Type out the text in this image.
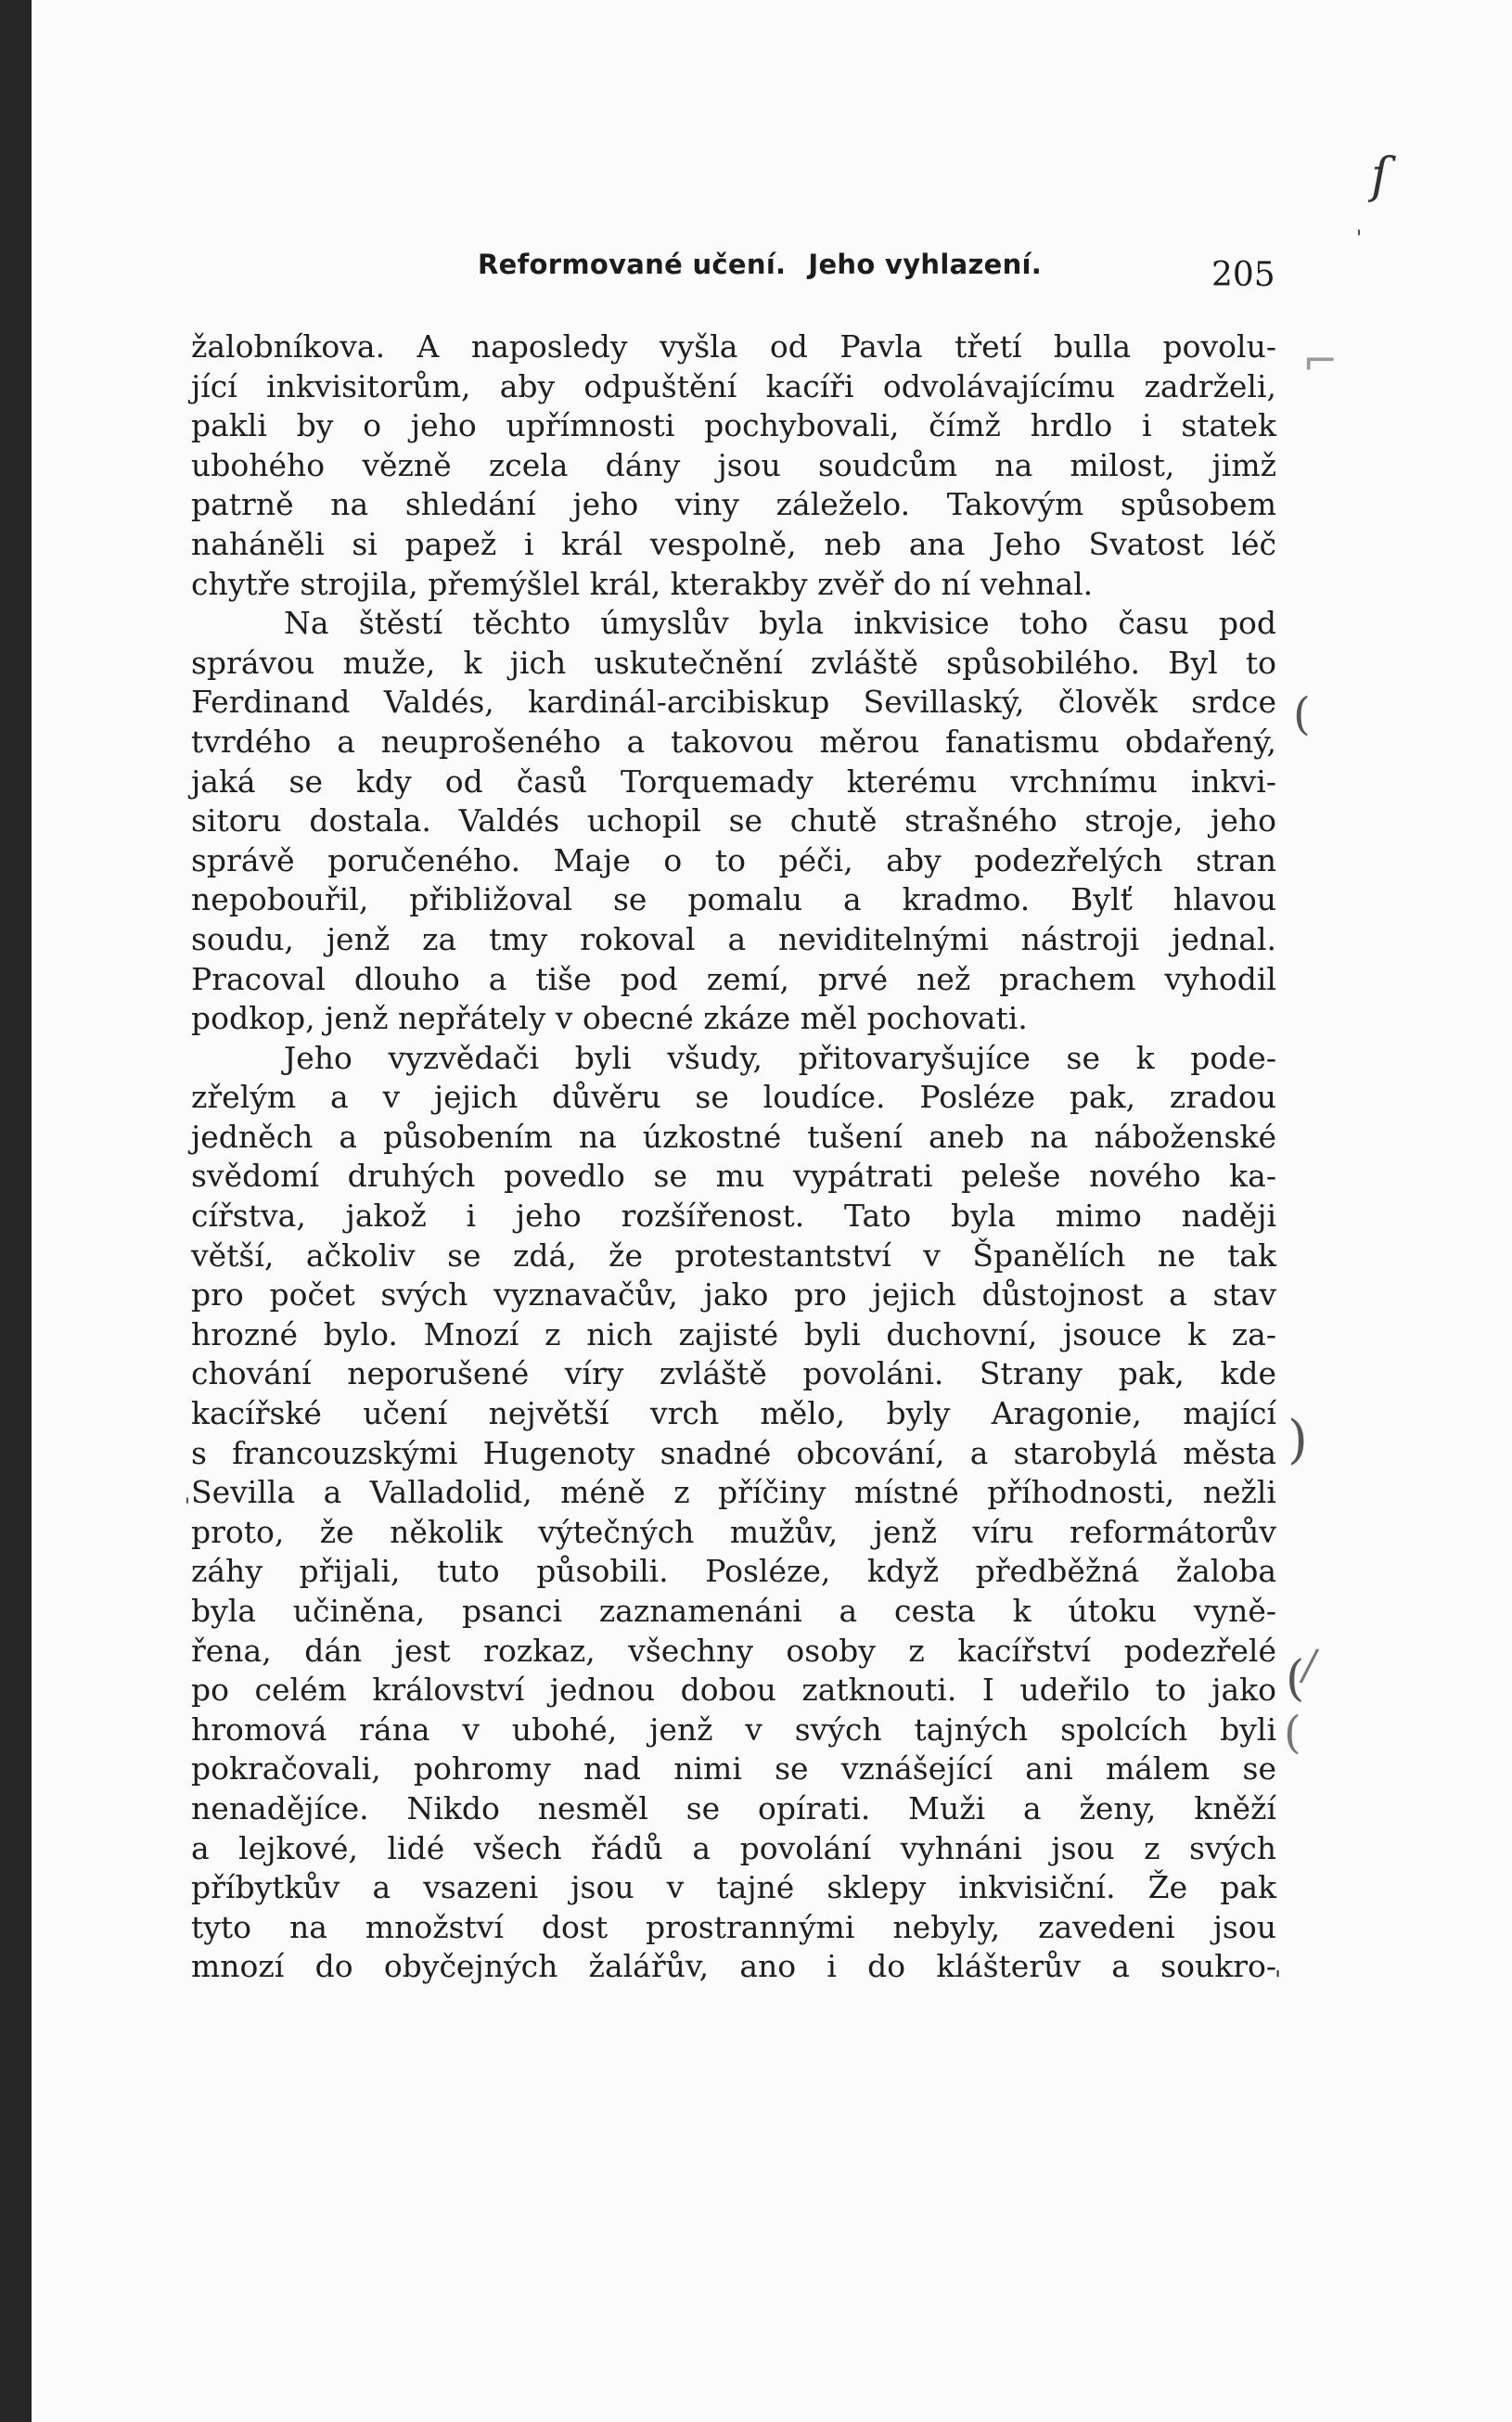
Reformované učení. Jeho vyhlazení.	205
žalobníkova. A naposledy vyšla od Pavla třetí bulla povolu-
jící inkvisitorům, aby odpuštění kacíři odvolávajícímu zadrželi,
pakli by o jeho upřímnosti pochybovali, čímž hrdlo i statek
ubohého vězně zcela dány jsou soudcům na milost, jimž
patrně na shledání jeho viny záleželo. Takovým spůsobem
naháněli si papež i král vespolně, neb ana Jeho Svatost léč
chytře strojila, přemýšlel král, kterakby zvěř do ní vehnal.
Na štěstí těchto úmyslův byla inkvisice toho času pod
správou muže, k jich uskutečnění zvláště spůsobilého. Byl to
Ferdinand Valdés, kardinál-arcibiskup Sevillaský, člověk srdce
tvrdého a neuprošeného a takovou měrou fanatismu obdařený,
jaká se kdy od časů Torquemady kterému vrchnímu inkvi-
sitoru dostala. Valdés uchopil se chutě strašného stroje, jeho
správě poručeného. Maje o to péči, aby podezřelých stran
nepobouřil, přibližoval se pomalu a kradmo. Bylť hlavou
soudu, jenž za tmy rokoval a neviditelnými nástroji jednal.
Pracoval dlouho a tiše pod zemí, prvé než prachem vyhodil
podkop, jenž nepřátely v obecné zkáze měl pochovati.
Jeho vyzvědači byli všudy, přitovaryšujíce se k pode-
zřelým a v jejich důvěru se loudíce. Posléze pak, zradou
jedněch a působením na úzkostné tušení aneb na náboženské
svědomí druhých povedlo se mu vypátrati peleše nového ka-
cířstva, jakož i jeho rozšířenost. Tato byla mimo naději
větší, ačkoliv se zdá, že protestantství v Španělích ne tak
pro počet svých vyznavačův, jako pro jejich důstojnost a stav
hrozné bylo. Mnozí z nich zajisté byli duchovní, jsouce k za-
chování neporušené víry zvláště povoláni. Strany pak, kde
kacířské učení největší vrch mělo, byly Aragonie, mající
s francouzskými Hugenoty snadné obcování, a starobylá města
Sevilla a Valladolid, méně z příčiny místné příhodnosti, nežli
proto, že několik výtečných mužův, jenž víru reformátorův
záhy přijali, tuto působili. Posléze, když předběžná žaloba
byla učiněna, psanci zaznamenáni a cesta k útoku vyně-
řena, dán jest rozkaz, všechny osoby z kacířství podezřelé
po celém království jednou dobou zatknouti. I udeřilo to jako
hromová rána v ubohé, jenž v svých tajných spolcích byli
pokračovali, pohromy nad nimi se vznášející ani málem se
nenadějíce. Nikdo nesměl se opírati. Muži a ženy, kněží
a lejkové, lidé všech řádů a povolání vyhnáni jsou z svých
příbytkův a vsazeni jsou v tajné sklepy inkvisiční. Že pak
tyto na množství dost prostrannými nebyly, zavedeni jsou
mnozí do obyčejných žalářův, ano i do klášterův a soukro-
ſ
'
⌐
(
)
(
/
(
'
'
